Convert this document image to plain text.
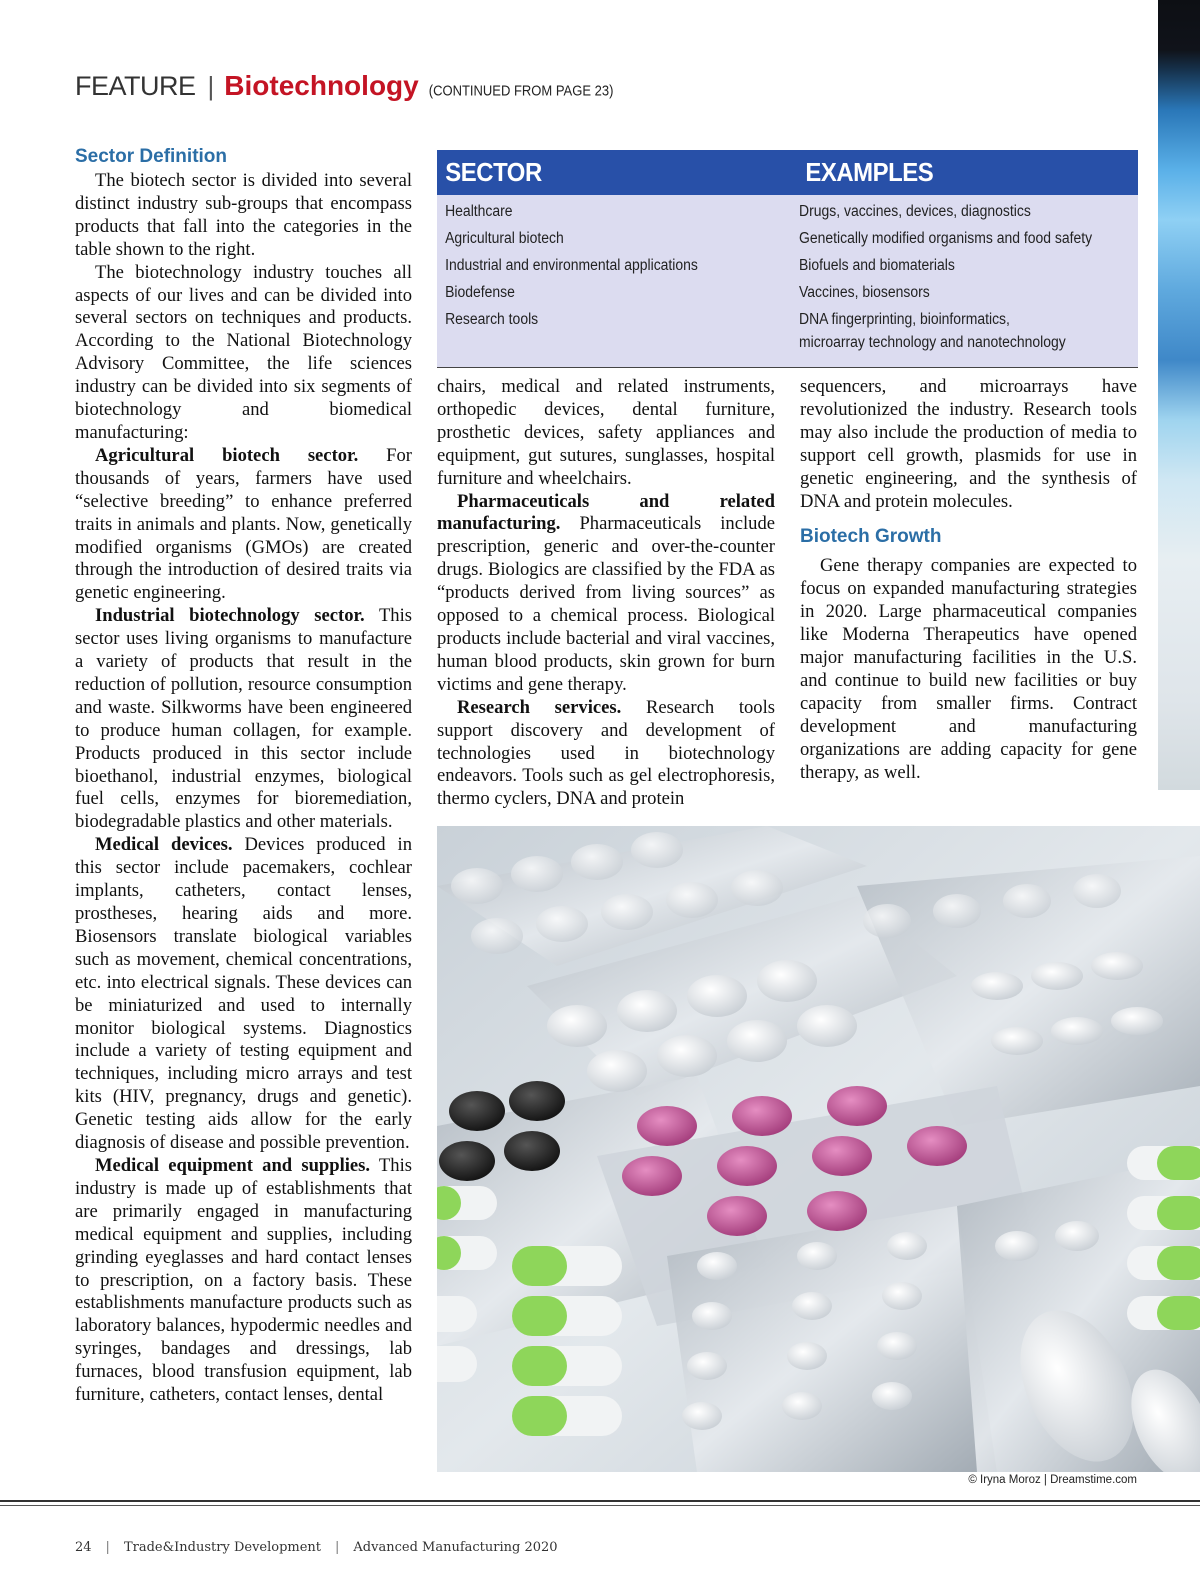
FEATURE | Biotechnology (CONTINUED FROM PAGE 23)

Sector Definition

The biotech sector is divided into several distinct industry sub-groups that encompass products that fall into the categories in the table shown to the right.

The biotechnology industry touches all aspects of our lives and can be divided into several sectors on techniques and products. According to the National Biotechnology Advisory Committee, the life sciences industry can be divided into six segments of biotechnology and biomedical manufacturing:

Agricultural biotech sector. For thousands of years, farmers have used “selective breeding” to enhance preferred traits in animals and plants. Now, genetically modified organisms (GMOs) are created through the introduction of desired traits via genetic engineering.

Industrial biotechnology sector. This sector uses living organisms to manufacture a variety of products that result in the reduction of pollution, resource consumption and waste. Silkworms have been engineered to produce human collagen, for example. Products produced in this sector include bioethanol, industrial enzymes, biological fuel cells, enzymes for bioremediation, biodegradable plastics and other materials.

Medical devices. Devices produced in this sector include pacemakers, cochlear implants, catheters, contact lenses, prostheses, hearing aids and more. Biosensors translate biological variables such as movement, chemical concentrations, etc. into electrical signals. These devices can be miniaturized and used to internally monitor biological systems. Diagnostics include a variety of testing equipment and techniques, including micro arrays and test kits (HIV, pregnancy, drugs and genetic). Genetic testing aids allow for the early diagnosis of disease and possible prevention.

Medical equipment and supplies. This industry is made up of establishments that are primarily engaged in manufacturing medical equipment and supplies, including grinding eyeglasses and hard contact lenses to prescription, on a factory basis. These establishments manufacture products such as laboratory balances, hypodermic needles and syringes, bandages and dressings, lab furnaces, blood transfusion equipment, lab furniture, catheters, contact lenses, dental

SECTOR	EXAMPLES
Healthcare	Drugs, vaccines, devices, diagnostics
Agricultural biotech	Genetically modified organisms and food safety
Industrial and environmental applications	Biofuels and biomaterials
Biodefense	Vaccines, biosensors
Research tools	DNA fingerprinting, bioinformatics,
microarray technology and nanotechnology

chairs, medical and related instruments, orthopedic devices, dental furniture, prosthetic devices, safety appliances and equipment, gut sutures, sunglasses, hospital furniture and wheelchairs.

Pharmaceuticals and related manufacturing. Pharmaceuticals include prescription, generic and over-the-counter drugs. Biologics are classified by the FDA as “products derived from living sources” as opposed to a chemical process. Biological products include bacterial and viral vaccines, human blood products, skin grown for burn victims and gene therapy.

Research services. Research tools support discovery and development of technologies used in biotechnology endeavors. Tools such as gel electrophoresis, thermo cyclers, DNA and protein

sequencers, and microarrays have revolutionized the industry. Research tools may also include the production of media to support cell growth, plasmids for use in genetic engineering, and the synthesis of DNA and protein molecules.

Biotech Growth

Gene therapy companies are expected to focus on expanded manufacturing strategies in 2020. Large pharmaceutical companies like Moderna Therapeutics have opened major manufacturing facilities in the U.S. and continue to build new facilities or buy capacity from smaller firms. Contract development and manufacturing organizations are adding capacity for gene therapy, as well.

© Iryna Moroz | Dreamstime.com
24 | Trade&Industry Development | Advanced Manufacturing 2020
